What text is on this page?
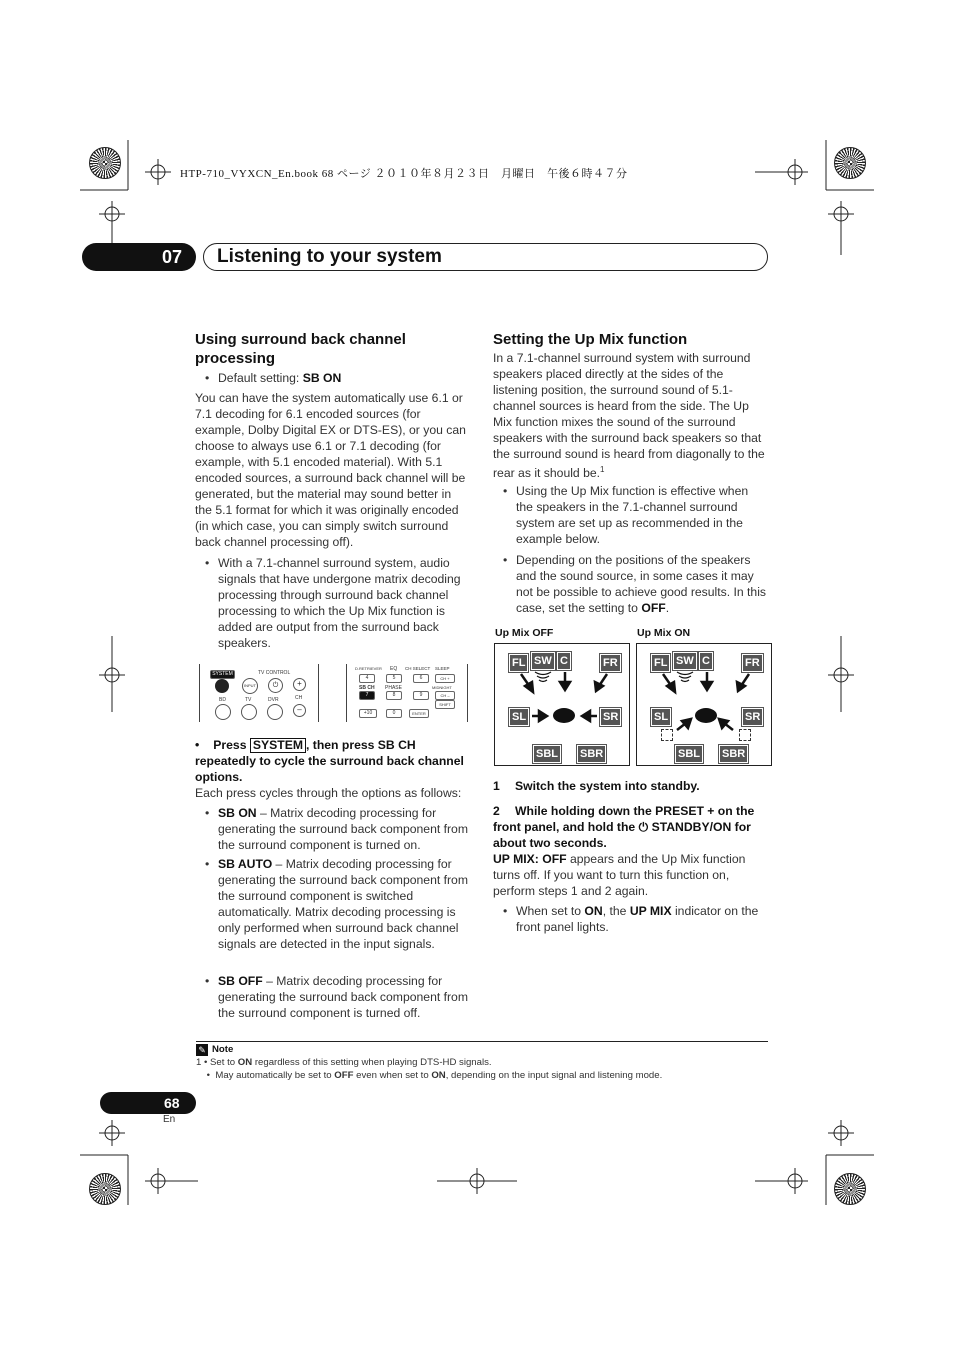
HTP-710_VYXCN_En.book 68 ページ ２０１０年８月２３日　月曜日　午後６時４７分
07	Listening to your system
Using surround back channel processing
• Default setting: SB ON

You can have the system automatically use 6.1 or 7.1 decoding for 6.1 encoded sources (for example, Dolby Digital EX or DTS-ES), or you can choose to always use 6.1 or 7.1 decoding (for example, with 5.1 encoded material). With 5.1 encoded sources, a surround back channel will be generated, but the material may sound better in the 5.1 format for which it was originally encoded (in which case, you can simply switch surround back channel processing off).

• With a 7.1-channel surround system, audio signals that have undergone matrix decoding processing through surround back channel processing to which the Up Mix function is added are output from the surround back speakers.
SYSTEM	TV CONTROL
INPUT	⏻	+
CH
–
BD	TV	DVR
D.RETRIEVER EQ CH SELECT SLEEP
4	5	6	CH +
SB CH PHASE	MIDNIGHT
7	8	9	CH –
SHIFT
+10	0	ENTER
• Press SYSTEM , then press SB CH repeatedly to cycle the surround back channel options.

Each press cycles through the options as follows:

• SB ON – Matrix decoding processing for generating the surround back component from the surround component is turned on.
• SB AUTO – Matrix decoding processing for generating the surround back component from the surround component is switched automatically. Matrix decoding processing is only performed when surround back channel signals are detected in the input signals.
• SB OFF – Matrix decoding processing for generating the surround back component from the surround component is turned off.
Setting the Up Mix function

In a 7.1-channel surround system with surround speakers placed directly at the sides of the listening position, the surround sound of 5.1-channel sources is heard from the side. The Up Mix function mixes the sound of the surround speakers with the surround back speakers so that the surround sound is heard from diagonally to the rear as it should be.$^1$

• Using the Up Mix function is effective when the speakers in the 7.1-channel surround system are set up as recommended in the example below.
• Depending on the positions of the speakers and the sound source, in some cases it may not be possible to achieve good results. In this case, set the setting to OFF.
Up Mix OFF	Up Mix ON
FL SW C	FR
SL	SR
SBL SBR
FL SW C	FR
SL	SR
SBL SBR
1 Switch the system into standby.
2 While holding down the PRESET + on the front panel, and hold the ⏻ STANDBY/ON for about two seconds.

UP MIX: OFF appears and the Up Mix function turns off. If you want to turn this function on, perform steps 1 and 2 again.

• When set to ON, the UP MIX indicator on the front panel lights.
✎ Note
1 • Set to ON regardless of this setting when playing DTS-HD signals.
•  May automatically be set to OFF even when set to ON, depending on the input signal and listening mode.
68
En
